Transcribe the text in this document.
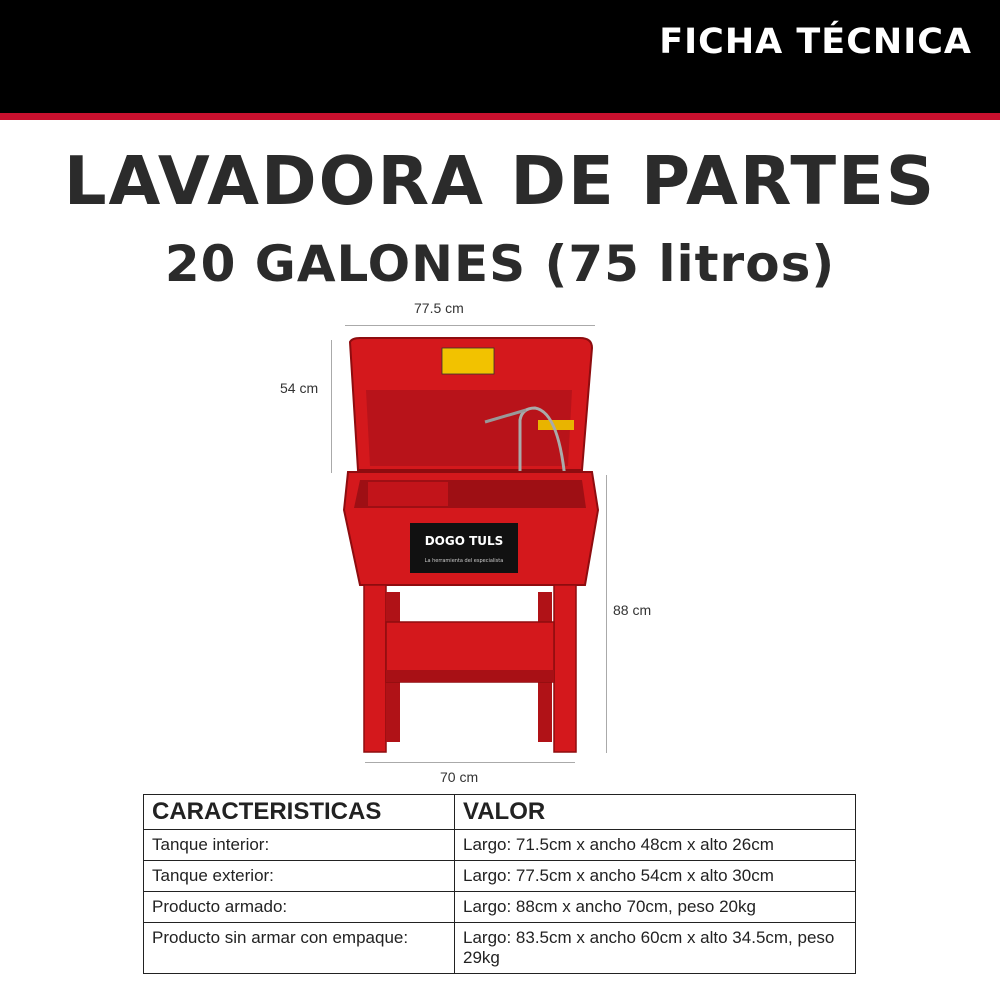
FICHA TÉCNICA
LAVADORA DE PARTES
20 GALONES (75 litros)
77.5 cm
54 cm
88 cm
70 cm
DOGO TULS
La herramienta del especialista
CARACTERISTICAS	VALOR
Tanque interior:	Largo: 71.5cm x ancho 48cm x alto 26cm
Tanque exterior:	Largo: 77.5cm x ancho 54cm x alto 30cm
Producto armado:	Largo: 88cm x ancho 70cm, peso 20kg
Producto sin armar con empaque:	Largo: 83.5cm x ancho 60cm x alto 34.5cm, peso 29kg
